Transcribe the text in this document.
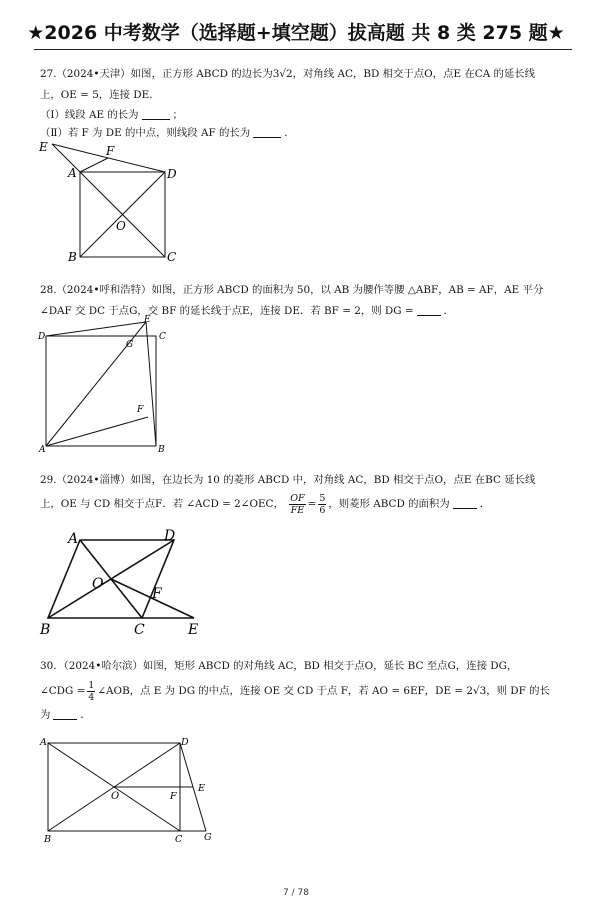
★2026 中考数学（选择题+填空题）拔高题 共 8 类 275 题★
27.（2024•天津）如图，正方形 ABCD 的边长为3√2，对角线 AC，BD 相交于点O，点E 在CA 的延长线
上，OE = 5，连接 DE．
（Ⅰ）线段 AE 的长为	；
（Ⅱ）若 F 为 DE 的中点，则线段 AF 的长为	．
E	F
A	D
O
B	C
28.（2024•呼和浩特）如图，正方形 ABCD 的面积为 50，以 AB 为腰作等腰 △ABF，AB = AF，AE 平分
∠DAF 交 DC 于点G，交 BF 的延长线于点E，连接 DE．若 BF = 2，则 DG =	．
E
D
G
C
F
A	B
29.（2024•淄博）如图，在边长为 10 的菱形 ABCD 中，对角线 AC，BD 相交于点O，点E 在BC 延长线
上，OE 与 CD 相交于点F．若 ∠ACD = 2∠OEC， $\frac{OF}{FE} = \frac{5}{6}$ ，则菱形 ABCD 的面积为	．
A	D
O
F
B	C	E
30．（2024•哈尔滨）如图，矩形 ABCD 的对角线 AC，BD 相交于点O，延长 BC 至点G，连接 DG，
∠CDG = $\frac{1}{4}$ ∠AOB，点 E 为 DG 的中点，连接 OE 交 CD 于点 F，若 AO = 6EF，DE = 2√3，则 DF 的长
为	．
A	D
E
O	F
B	C G
7 / 78
